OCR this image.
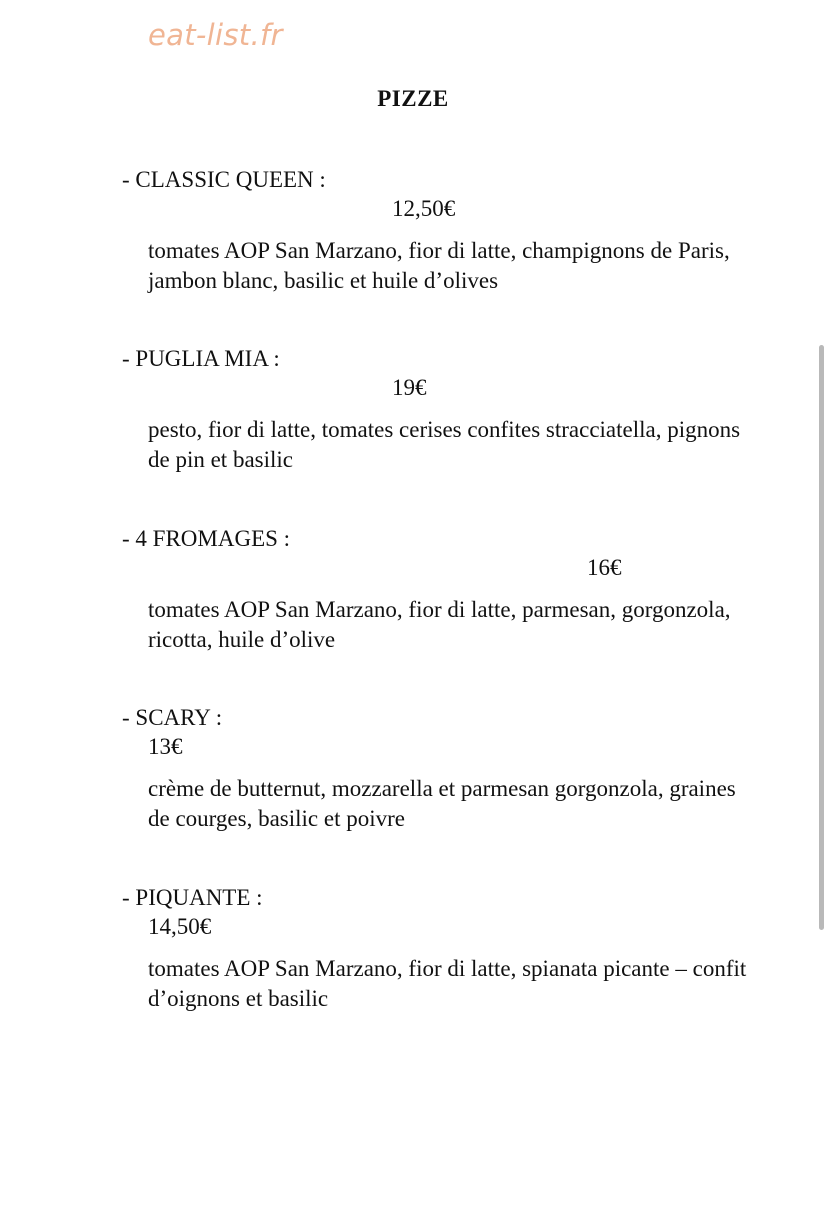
eat-list.fr
PIZZE
- CLASSIC QUEEN :
12,50€
tomates AOP San Marzano, fior di latte, champignons de Paris, jambon blanc, basilic et huile d’olives
- PUGLIA MIA :
19€
pesto, fior di latte, tomates cerises confites stracciatella, pignons de pin et basilic
- 4 FROMAGES :
16€
tomates AOP San Marzano, fior di latte, parmesan, gorgonzola, ricotta, huile d’olive
- SCARY :
13€
crème de butternut, mozzarella et parmesan gorgonzola, graines de courges, basilic et poivre
- PIQUANTE :
14,50€
tomates AOP San Marzano, fior di latte, spianata picante – confit d’oignons et basilic
